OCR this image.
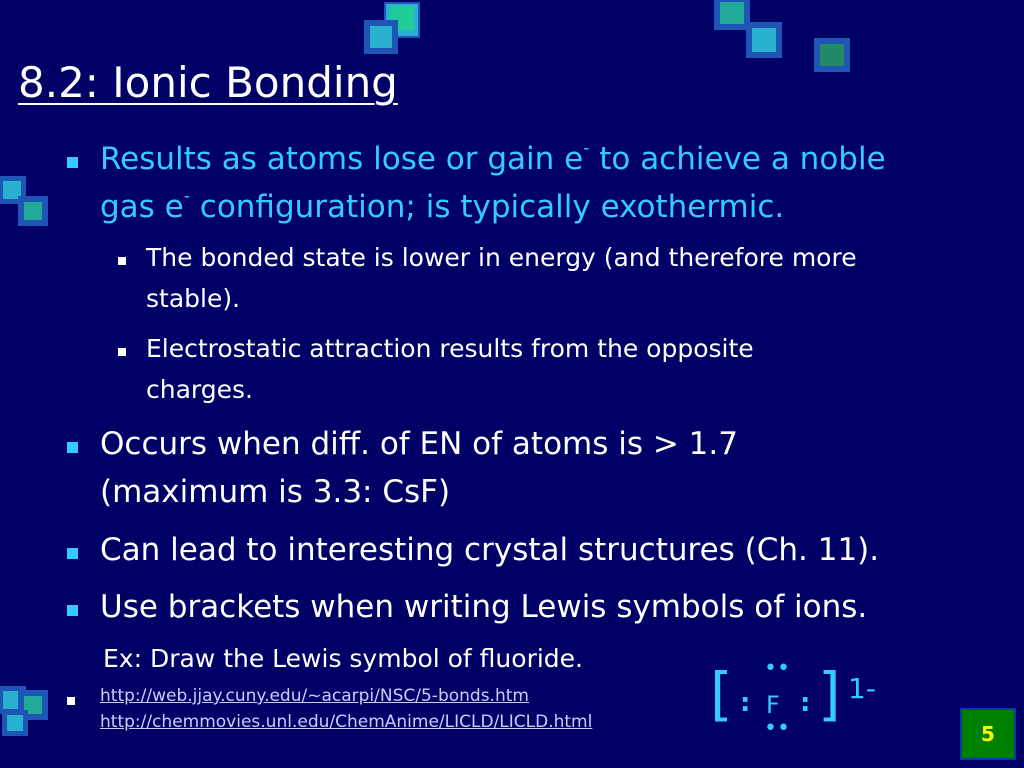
8.2: Ionic Bonding
Results as atoms lose or gain e- to achieve a noble
gas e- configuration; is typically exothermic.
The bonded state is lower in energy (and therefore more
stable).
Electrostatic attraction results from the opposite
charges.
Occurs when diff. of EN of atoms is > 1.7
(maximum is 3.3: CsF)
Can lead to interesting crystal structures (Ch. 11).
Use brackets when writing Lewis symbols of ions.
Ex: Draw the Lewis symbol of fluoride.
http://web.jjay.cuny.edu/~acarpi/NSC/5-bonds.htm
http://chemmovies.unl.edu/ChemAnime/LICLD/LICLD.html [ ••
: F :
••
] 1-
5
